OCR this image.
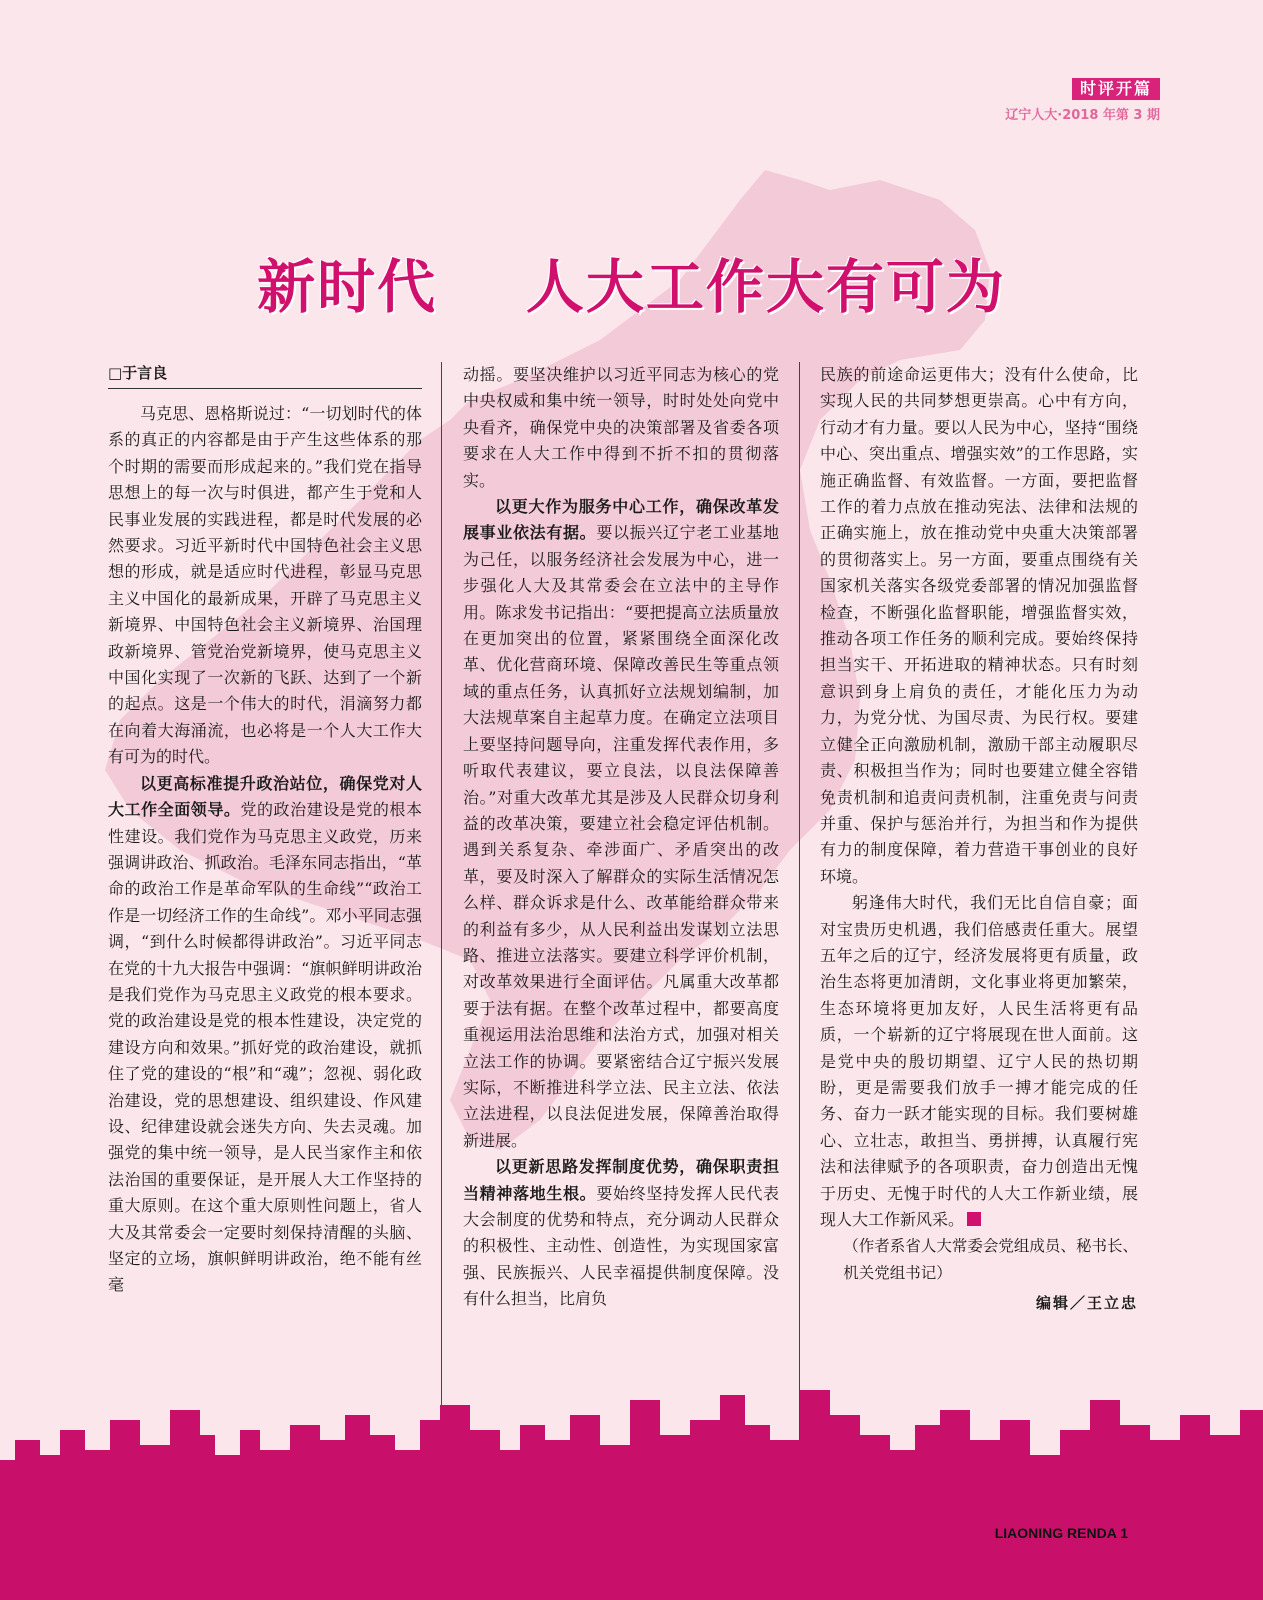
时评开篇
辽宁人大·2018 年第 3 期
新时代    人大工作大有可为
□于言良

马克思、恩格斯说过：“一切划时代的体系的真正的内容都是由于产生这些体系的那个时期的需要而形成起来的。”我们党在指导思想上的每一次与时俱进，都产生于党和人民事业发展的实践进程，都是时代发展的必然要求。习近平新时代中国特色社会主义思想的形成，就是适应时代进程，彰显马克思主义中国化的最新成果，开辟了马克思主义新境界、中国特色社会主义新境界、治国理政新境界、管党治党新境界，使马克思主义中国化实现了一次新的飞跃、达到了一个新的起点。这是一个伟大的时代，涓滴努力都在向着大海涌流，也必将是一个人大工作大有可为的时代。

以更高标准提升政治站位，确保党对人大工作全面领导。党的政治建设是党的根本性建设。我们党作为马克思主义政党，历来强调讲政治、抓政治。毛泽东同志指出，“革命的政治工作是革命军队的生命线”“政治工作是一切经济工作的生命线”。邓小平同志强调，“到什么时候都得讲政治”。习近平同志在党的十九大报告中强调：“旗帜鲜明讲政治是我们党作为马克思主义政党的根本要求。党的政治建设是党的根本性建设，决定党的建设方向和效果。”抓好党的政治建设，就抓住了党的建设的“根”和“魂”；忽视、弱化政治建设，党的思想建设、组织建设、作风建设、纪律建设就会迷失方向、失去灵魂。加强党的集中统一领导，是人民当家作主和依法治国的重要保证，是开展人大工作坚持的重大原则。在这个重大原则性问题上，省人大及其常委会一定要时刻保持清醒的头脑、坚定的立场，旗帜鲜明讲政治，绝不能有丝毫

动摇。要坚决维护以习近平同志为核心的党中央权威和集中统一领导，时时处处向党中央看齐，确保党中央的决策部署及省委各项要求在人大工作中得到不折不扣的贯彻落实。

以更大作为服务中心工作，确保改革发展事业依法有据。要以振兴辽宁老工业基地为己任，以服务经济社会发展为中心，进一步强化人大及其常委会在立法中的主导作用。陈求发书记指出：“要把提高立法质量放在更加突出的位置，紧紧围绕全面深化改革、优化营商环境、保障改善民生等重点领域的重点任务，认真抓好立法规划编制，加大法规草案自主起草力度。在确定立法项目上要坚持问题导向，注重发挥代表作用，多听取代表建议，要立良法，以良法保障善治。”对重大改革尤其是涉及人民群众切身利益的改革决策，要建立社会稳定评估机制。遇到关系复杂、牵涉面广、矛盾突出的改革，要及时深入了解群众的实际生活情况怎么样、群众诉求是什么、改革能给群众带来的利益有多少，从人民利益出发谋划立法思路、推进立法落实。要建立科学评价机制，对改革效果进行全面评估。凡属重大改革都要于法有据。在整个改革过程中，都要高度重视运用法治思维和法治方式，加强对相关立法工作的协调。要紧密结合辽宁振兴发展实际，不断推进科学立法、民主立法、依法立法进程，以良法促进发展，保障善治取得新进展。

以更新思路发挥制度优势，确保职责担当精神落地生根。要始终坚持发挥人民代表大会制度的优势和特点，充分调动人民群众的积极性、主动性、创造性，为实现国家富强、民族振兴、人民幸福提供制度保障。没有什么担当，比肩负

民族的前途命运更伟大；没有什么使命，比实现人民的共同梦想更崇高。心中有方向，行动才有力量。要以人民为中心，坚持“围绕中心、突出重点、增强实效”的工作思路，实施正确监督、有效监督。一方面，要把监督工作的着力点放在推动宪法、法律和法规的正确实施上，放在推动党中央重大决策部署的贯彻落实上。另一方面，要重点围绕有关国家机关落实各级党委部署的情况加强监督检查，不断强化监督职能，增强监督实效，推动各项工作任务的顺利完成。要始终保持担当实干、开拓进取的精神状态。只有时刻意识到身上肩负的责任，才能化压力为动力，为党分忧、为国尽责、为民行权。要建立健全正向激励机制，激励干部主动履职尽责、积极担当作为；同时也要建立健全容错免责机制和追责问责机制，注重免责与问责并重、保护与惩治并行，为担当和作为提供有力的制度保障，着力营造干事创业的良好环境。

躬逢伟大时代，我们无比自信自豪；面对宝贵历史机遇，我们倍感责任重大。展望五年之后的辽宁，经济发展将更有质量，政治生态将更加清朗，文化事业将更加繁荣，生态环境将更加友好，人民生活将更有品质，一个崭新的辽宁将展现在世人面前。这是党中央的殷切期望、辽宁人民的热切期盼，更是需要我们放手一搏才能完成的任务、奋力一跃才能实现的目标。我们要树雄心、立壮志，敢担当、勇拼搏，认真履行宪法和法律赋予的各项职责，奋力创造出无愧于历史、无愧于时代的人大工作新业绩，展现人大工作新风采。

（作者系省人大常委会党组成员、秘书长、机关党组书记）

编辑／王立忠
LIAONING RENDA 1
